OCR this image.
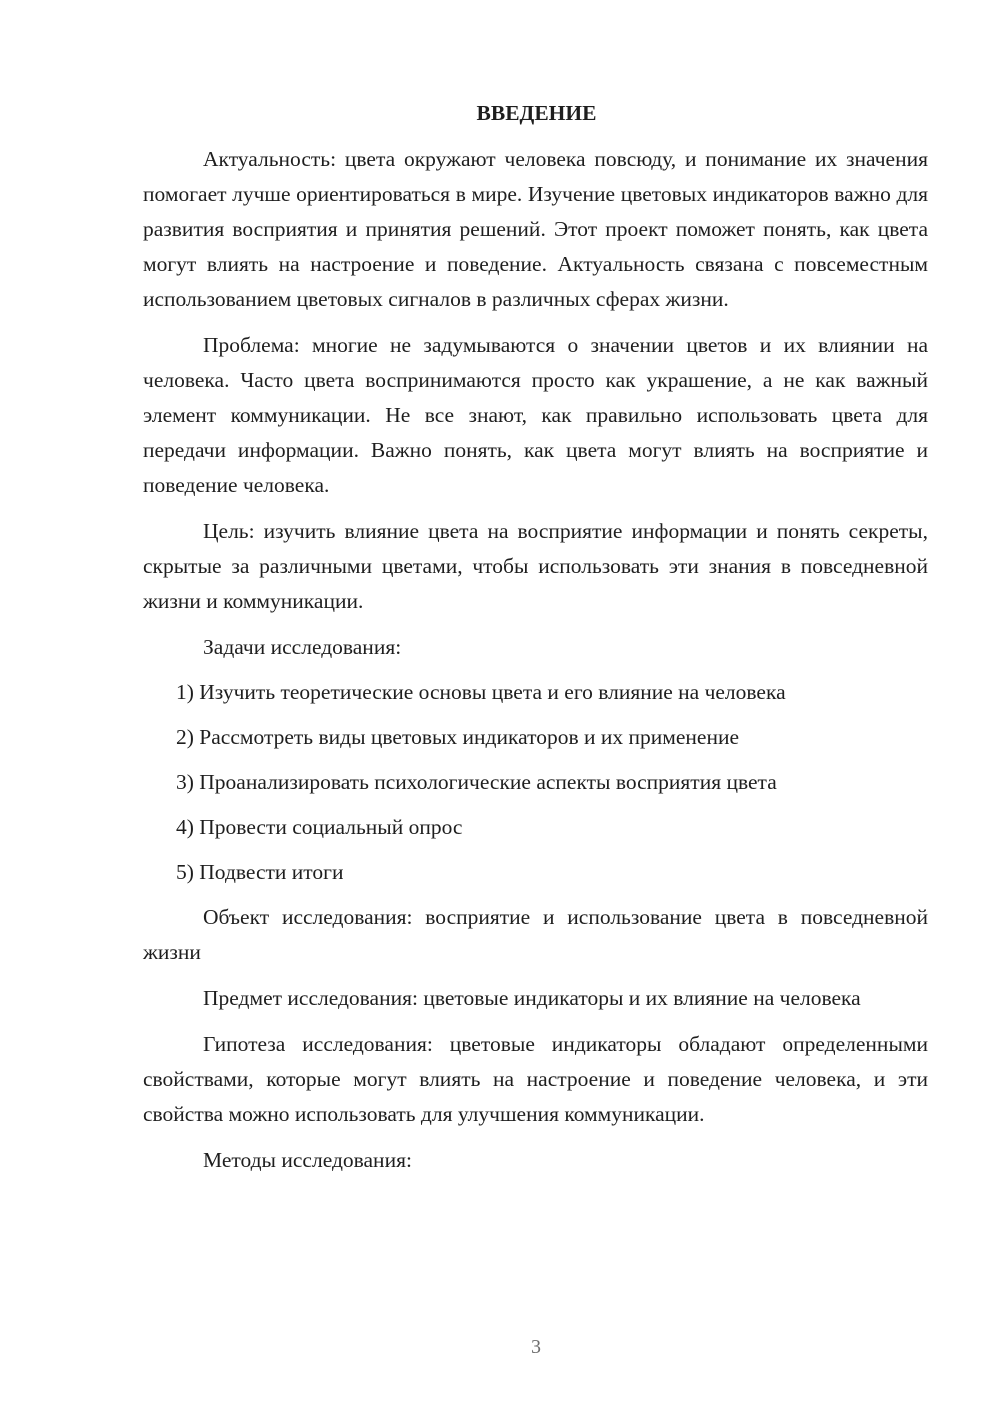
ВВЕДЕНИЕ

Актуальность: цвета окружают человека повсюду, и понимание их значения помогает лучше ориентироваться в мире. Изучение цветовых индикаторов важно для развития восприятия и принятия решений. Этот проект поможет понять, как цвета могут влиять на настроение и поведение. Актуальность связана с повсеместным использованием цветовых сигналов в различных сферах жизни.

Проблема: многие не задумываются о значении цветов и их влиянии на человека. Часто цвета воспринимаются просто как украшение, а не как важный элемент коммуникации. Не все знают, как правильно использовать цвета для передачи информации. Важно понять, как цвета могут влиять на восприятие и поведение человека.

Цель: изучить влияние цвета на восприятие информации и понять секреты, скрытые за различными цветами, чтобы использовать эти знания в повседневной жизни и коммуникации.

Задачи исследования:

1) Изучить теоретические основы цвета и его влияние на человека
2) Рассмотреть виды цветовых индикаторов и их применение
3) Проанализировать психологические аспекты восприятия цвета
4) Провести социальный опрос
5) Подвести итоги

Объект исследования: восприятие и использование цвета в повседневной жизни

Предмет исследования: цветовые индикаторы и их влияние на человека

Гипотеза исследования: цветовые индикаторы обладают определенными свойствами, которые могут влиять на настроение и поведение человека, и эти свойства можно использовать для улучшения коммуникации.

Методы исследования:

3
